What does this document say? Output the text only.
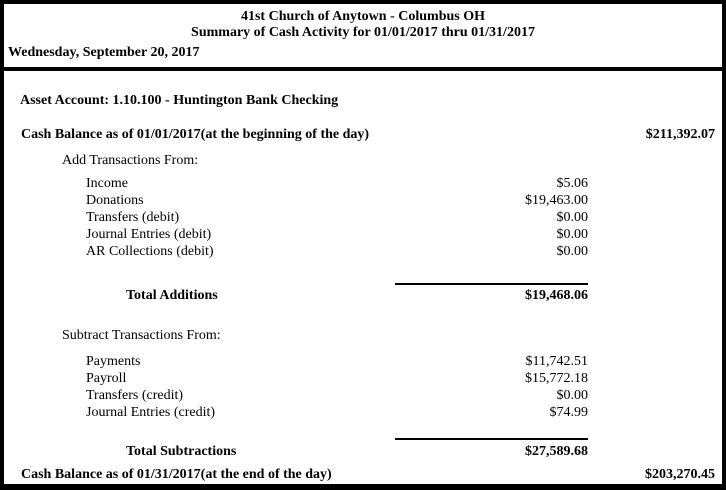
41st Church of Anytown - Columbus OH
Summary of Cash Activity for 01/01/2017 thru 01/31/2017
Wednesday, September 20, 2017
Asset Account: 1.10.100 - Huntington Bank Checking
Cash Balance as of 01/01/2017(at the beginning of the day)	$211,392.07
Add Transactions From:
Income	$5.06
Donations	$19,463.00
Transfers (debit)	$0.00
Journal Entries (debit)	$0.00
AR Collections (debit)	$0.00
Total Additions	$19,468.06
Subtract Transactions From:
Payments	$11,742.51
Payroll	$15,772.18
Transfers (credit)	$0.00
Journal Entries (credit)	$74.99
Total Subtractions	$27,589.68
Cash Balance as of 01/31/2017(at the end of the day)	$203,270.45
